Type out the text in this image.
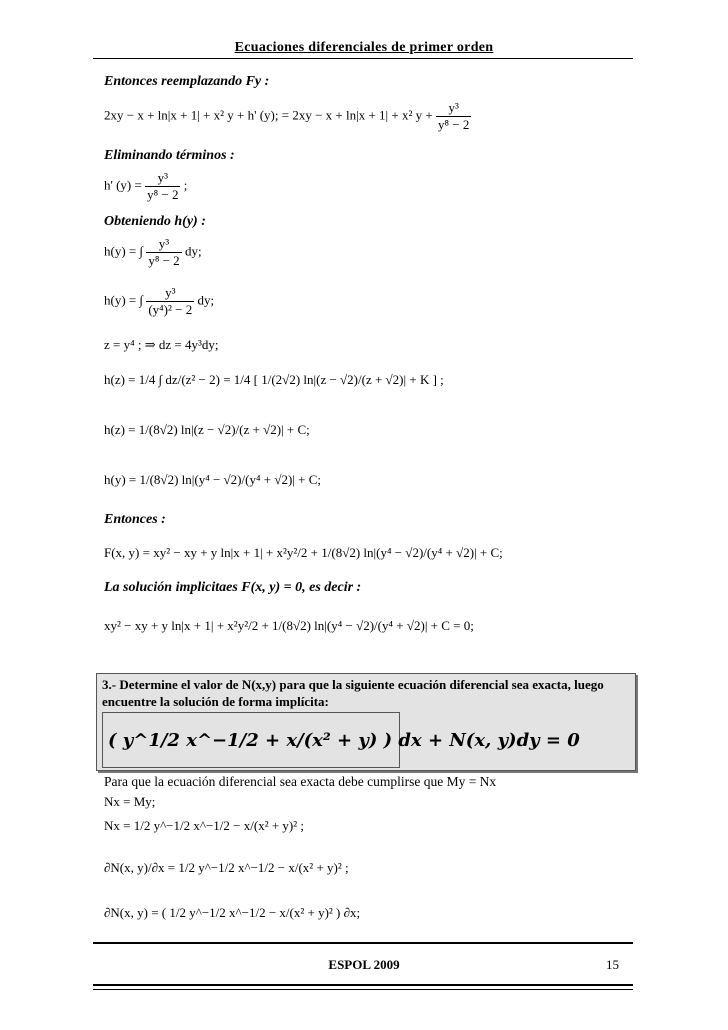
Ecuaciones diferenciales de primer orden
Entonces reemplazando Fy :
2xy − x + ln|x + 1| + x² y + h' (y); = 2xy − x + ln|x + 1| + x² $y + \frac{\text{y³}}{\text{y⁸ − 2}}$
Eliminando términos :
h' $(y) = \frac{\text{y³}}{\text{y⁸ − 2}}$ ;
Obteniendo h(y) :
h(y) = ∫ $\frac{\text{y³}}{\text{y⁸ − 2}}$ dy;
h(y) = ∫ $\frac{\text{y³}}{\text{(y⁴)² − 2}}$ dy;
z = y⁴ ; ⇒ dz = 4y³dy;
h(z) = 1/4 ∫ dz/(z² − 2) = 1/4 [ 1/(2√2) ln|(z − √2)/(z + √2)| + K ] ;
h(z) = 1/(8√2) ln|(z − √2)/(z + √2)| + C;
h(y) = 1/(8√2) ln|(y⁴ − √2)/(y⁴ + √2)| + C;
Entonces :
F(x, y) = xy² − xy + y ln|x + 1| + x²y²/2 + 1/(8√2) ln|(y⁴ − √2)/(y⁴ + √2)| + C;
La solución implicitaes F(x, y) = 0, es decir :
xy² − xy + y ln|x + 1| + x²y²/2 + 1/(8√2) ln|(y⁴ − √2)/(y⁴ + √2)| + C = 0;
3.- Determine el valor de N(x,y) para que la siguiente ecuación diferencial sea exacta, luego encuentre la solución de forma implícita:
( y^1/2 x^−1/2 + x/(x² + y) ) dx + N(x, y)dy = 0
Para que la ecuación diferencial sea exacta debe cumplirse que My = Nx
Nx = My;
Nx = 1/2 y^−1/2 x^−1/2 − x/(x² + y)² ;
∂N(x, y)/∂x = 1/2 y^−1/2 x^−1/2 − x/(x² + y)² ;
∂N(x, y) = ( 1/2 y^−1/2 x^−1/2 − x/(x² + y)² ) ∂x;
ESPOL 2009	15
